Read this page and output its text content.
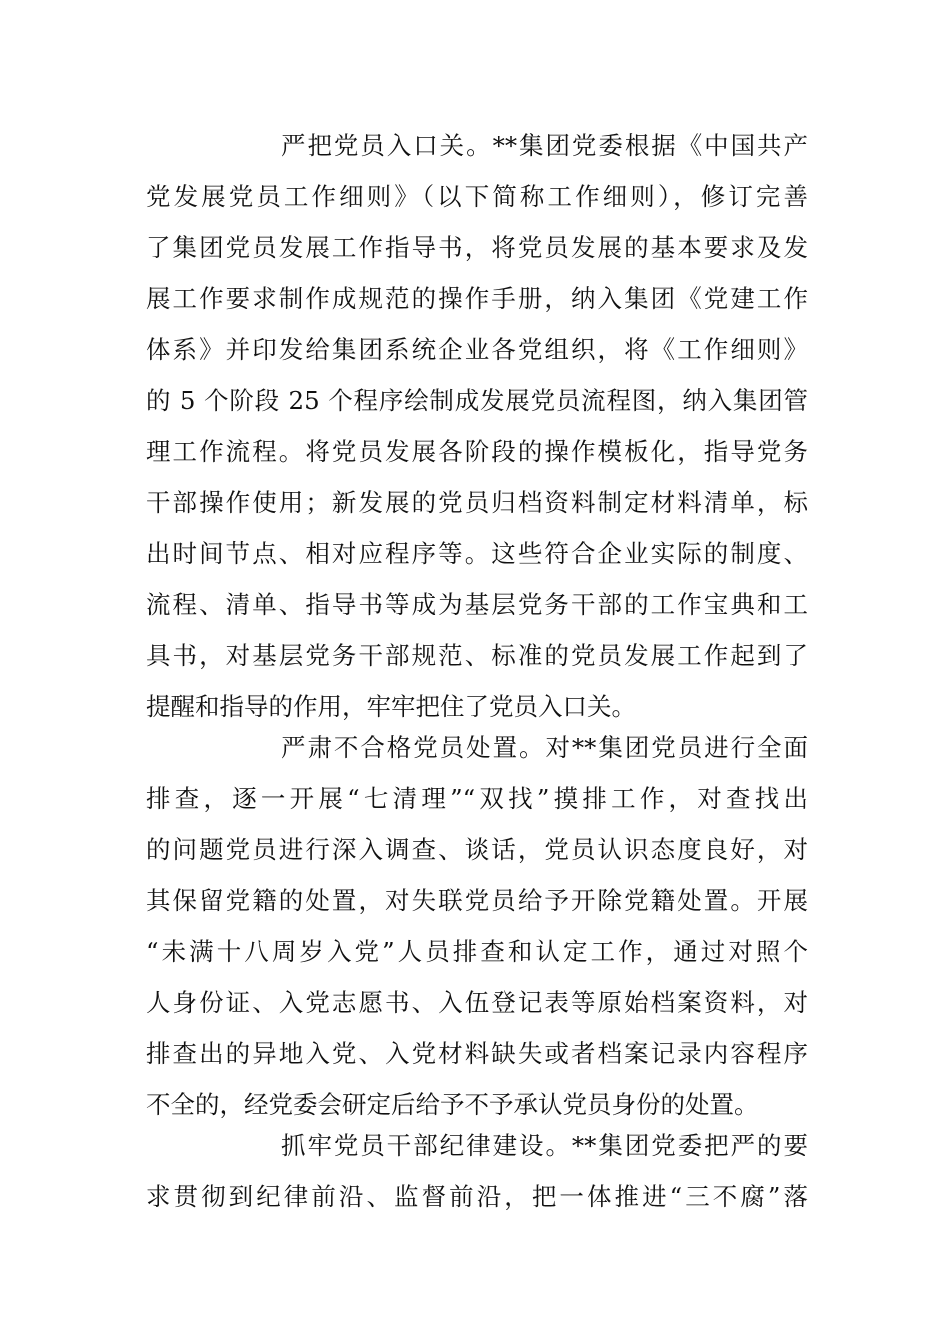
严把党员入口关。**集团党委根据《中国共产
党发展党员工作细则》（以下简称工作细则），修订完善
了集团党员发展工作指导书，将党员发展的基本要求及发
展工作要求制作成规范的操作手册，纳入集团《党建工作
体系》并印发给集团系统企业各党组织，将《工作细则》
的 5 个阶段 25 个程序绘制成发展党员流程图，纳入集团管
理工作流程。将党员发展各阶段的操作模板化，指导党务
干部操作使用；新发展的党员归档资料制定材料清单，标
出时间节点、相对应程序等。这些符合企业实际的制度、
流程、清单、指导书等成为基层党务干部的工作宝典和工
具书，对基层党务干部规范、标准的党员发展工作起到了
提醒和指导的作用，牢牢把住了党员入口关。
严肃不合格党员处置。对**集团党员进行全面
排查，逐一开展“七清理”“双找”摸排工作，对查找出
的问题党员进行深入调查、谈话，党员认识态度良好，对
其保留党籍的处置，对失联党员给予开除党籍处置。开展
“未满十八周岁入党”人员排查和认定工作，通过对照个
人身份证、入党志愿书、入伍登记表等原始档案资料，对
排查出的异地入党、入党材料缺失或者档案记录内容程序
不全的，经党委会研定后给予不予承认党员身份的处置。
抓牢党员干部纪律建设。**集团党委把严的要
求贯彻到纪律前沿、监督前沿，把一体推进“三不腐”落
